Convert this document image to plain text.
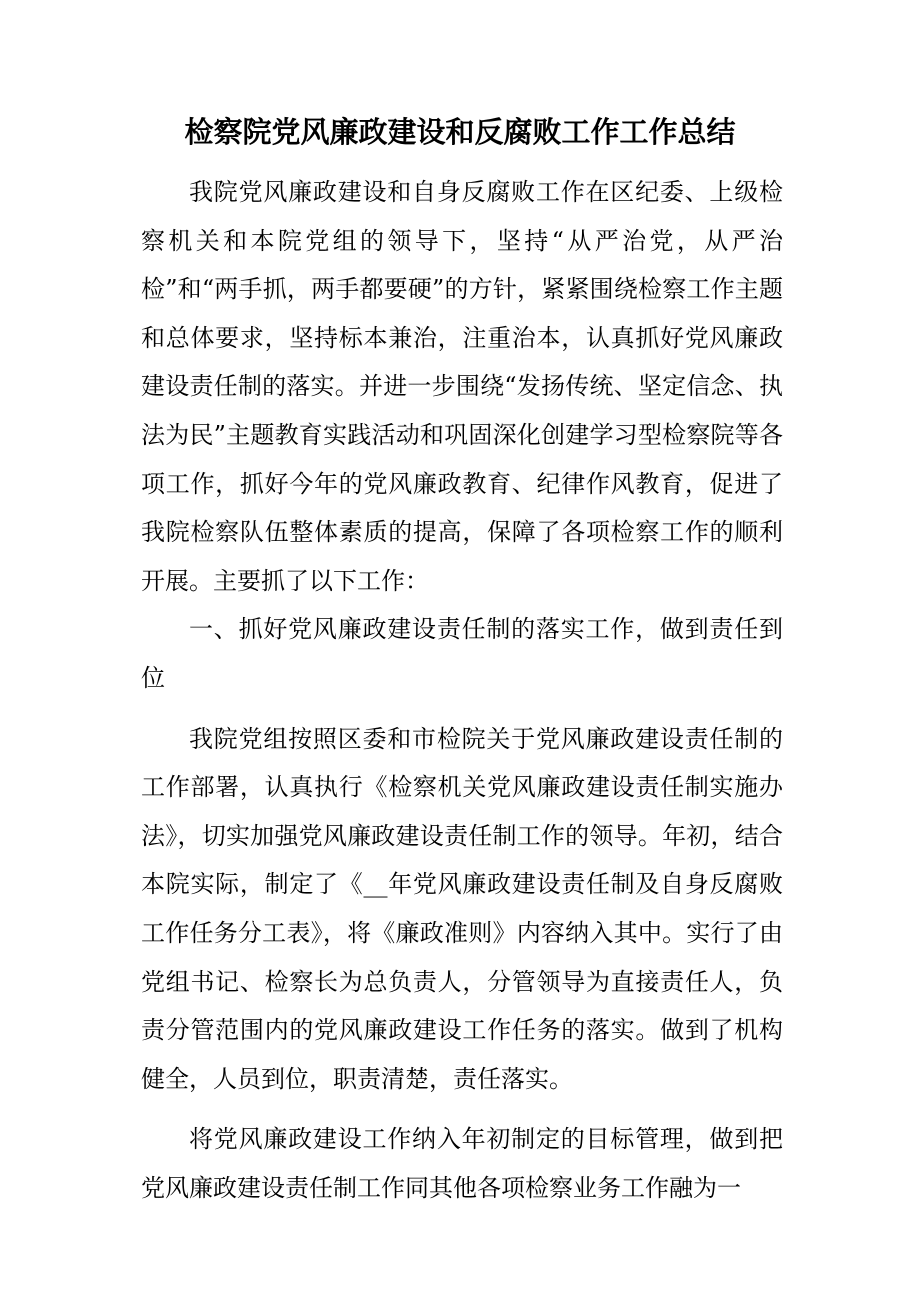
检察院党风廉政建设和反腐败工作工作总结

我院党风廉政建设和自身反腐败工作在区纪委、上级检察机关和本院党组的领导下，坚持“从严治党，从严治检”和“两手抓，两手都要硬”的方针，紧紧围绕检察工作主题和总体要求，坚持标本兼治，注重治本，认真抓好党风廉政建设责任制的落实。并进一步围绕“发扬传统、坚定信念、执法为民”主题教育实践活动和巩固深化创建学习型检察院等各项工作，抓好今年的党风廉政教育、纪律作风教育，促进了我院检察队伍整体素质的提高，保障了各项检察工作的顺利开展。主要抓了以下工作：

一、抓好党风廉政建设责任制的落实工作，做到责任到位

我院党组按照区委和市检院关于党风廉政建设责任制的工作部署，认真执行《检察机关党风廉政建设责任制实施办法》，切实加强党风廉政建设责任制工作的领导。年初，结合本院实际，制定了《__年党风廉政建设责任制及自身反腐败工作任务分工表》，将《廉政准则》内容纳入其中。实行了由党组书记、检察长为总负责人，分管领导为直接责任人，负责分管范围内的党风廉政建设工作任务的落实。做到了机构健全，人员到位，职责清楚，责任落实。

将党风廉政建设工作纳入年初制定的目标管理，做到把党风廉政建设责任制工作同其他各项检察业务工作融为一
